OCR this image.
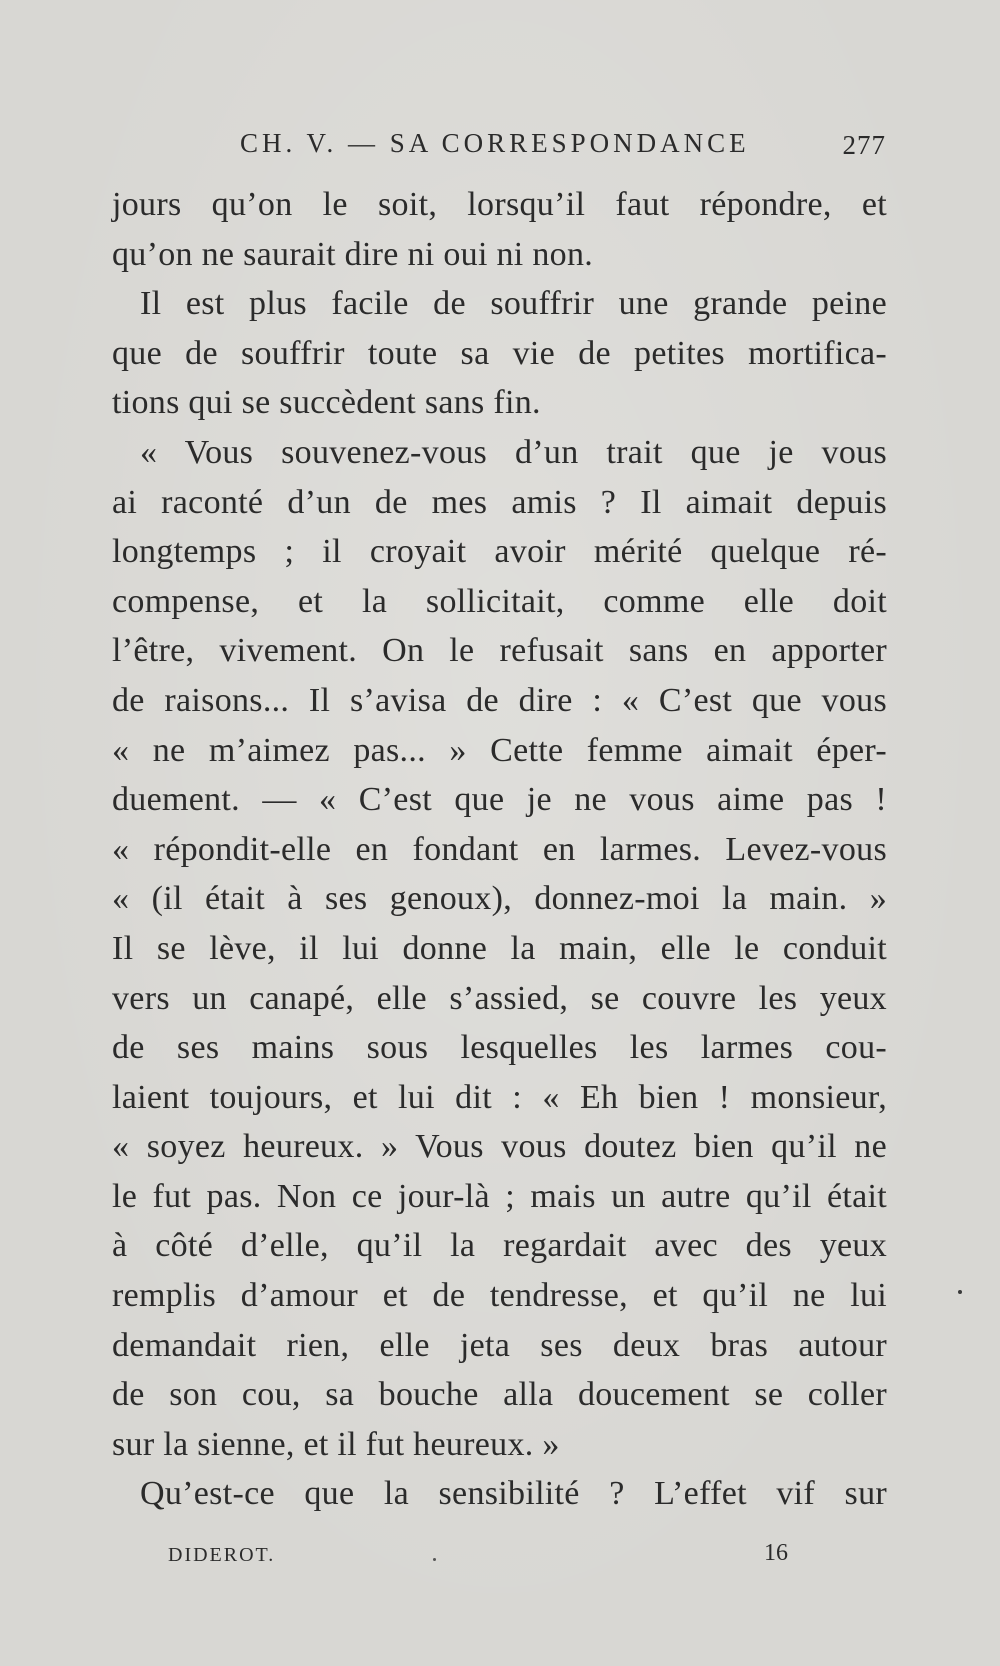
CH. V. — SA CORRESPONDANCE	277
jours qu’on le soit, lorsqu’il faut répondre, et
qu’on ne saurait dire ni oui ni non.
Il est plus facile de souffrir une grande peine
que de souffrir toute sa vie de petites mortifica-
tions qui se succèdent sans fin.
« Vous souvenez-vous d’un trait que je vous
ai raconté d’un de mes amis ? Il aimait depuis
longtemps ; il croyait avoir mérité quelque ré-
compense, et la sollicitait, comme elle doit
l’être, vivement. On le refusait sans en apporter
de raisons... Il s’avisa de dire : « C’est que vous
« ne m’aimez pas... » Cette femme aimait éper-
duement. — « C’est que je ne vous aime pas !
« répondit-elle en fondant en larmes. Levez-vous
« (il était à ses genoux), donnez-moi la main. »
Il se lève, il lui donne la main, elle le conduit
vers un canapé, elle s’assied, se couvre les yeux
de ses mains sous lesquelles les larmes cou-
laient toujours, et lui dit : « Eh bien ! monsieur,
« soyez heureux. » Vous vous doutez bien qu’il ne
le fut pas. Non ce jour-là ; mais un autre qu’il était
à côté d’elle, qu’il la regardait avec des yeux
remplis d’amour et de tendresse, et qu’il ne lui
demandait rien, elle jeta ses deux bras autour
de son cou, sa bouche alla doucement se coller
sur la sienne, et il fut heureux. »
Qu’est-ce que la sensibilité ? L’effet vif sur
DIDEROT.	16
